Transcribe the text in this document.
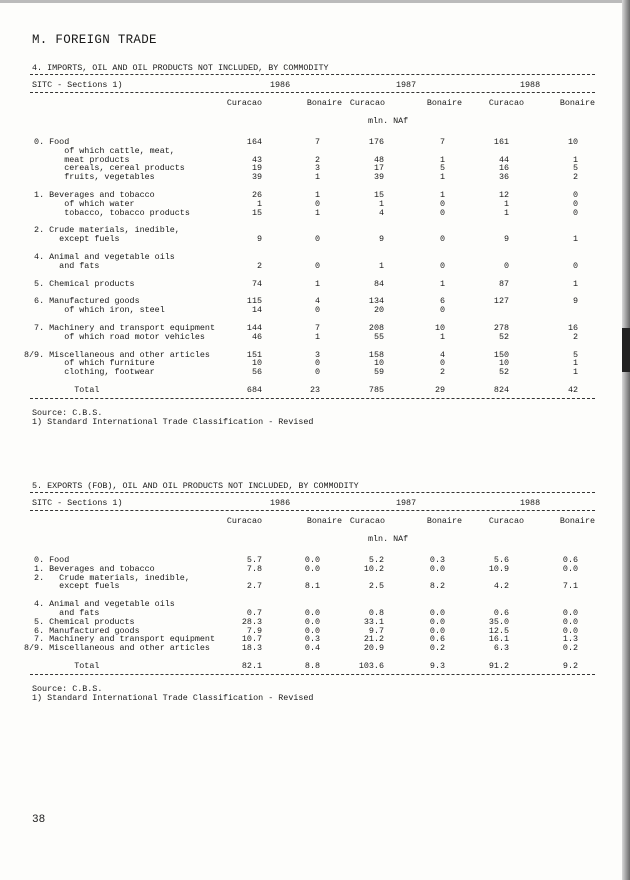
M. FOREIGN TRADE
4. IMPORTS, OIL AND OIL PRODUCTS NOT INCLUDED, BY COMMODITY
SITC - Sections 1)	1986	1987	1988
Curacao	Bonaire Curacao	Bonaire	Curacao	Bonaire
mln. NAf
0. Food	164	7	176	7	161	10
of which cattle, meat,
meat products	43	2	48	1	44	1
cereals, cereal products	19	3	17	5	16	5
fruits, vegetables	39	1	39	1	36	2
1. Beverages and tobacco	26	1	15	1	12	0
of which water	1	0	1	0	1	0
tobacco, tobacco products	15	1	4	0	1	0
2. Crude materials, inedible,
except fuels	9	0	9	0	9	1
4. Animal and vegetable oils
and fats	2	0	1	0	0	0
5. Chemical products	74	1	84	1	87	1
6. Manufactured goods	115	4	134	6	127	9
of which iron, steel	14	0	20	0
7. Machinery and transport equipment	144	7	208	10	278	16
of which road motor vehicles	46	1	55	1	52	2
8/9. Miscellaneous and other articles	151	3	158	4	150	5
of which furniture	10	0	10	0	10	1
clothing, footwear	56	0	59	2	52	1
Total	684	23	785	29	824	42
Source: C.B.S.
1) Standard International Trade Classification - Revised
5. EXPORTS (FOB), OIL AND OIL PRODUCTS NOT INCLUDED, BY COMMODITY
SITC - Sections 1)	1986	1987	1988
Curacao	Bonaire Curacao	Bonaire	Curacao	Bonaire
mln. NAf
0. Food	5.7	0.0	5.2	0.3	5.6	0.6
1. Beverages and tobacco	7.8	0.0	10.2	0.0	10.9	0.0
2.   Crude materials, inedible,
except fuels	2.7	8.1	2.5	8.2	4.2	7.1
4. Animal and vegetable oils
and fats	0.7	0.0	0.8	0.0	0.6	0.0
5. Chemical products	28.3	0.0	33.1	0.0	35.0	0.0
6. Manufactured goods	7.9	0.0	9.7	0.0	12.5	0.0
7. Machinery and transport equipment	10.7	0.3	21.2	0.6	16.1	1.3
8/9. Miscellaneous and other articles	18.3	0.4	20.9	0.2	6.3	0.2
Total	82.1	8.8	103.6	9.3	91.2	9.2
Source: C.B.S.
1) Standard International Trade Classification - Revised
38
